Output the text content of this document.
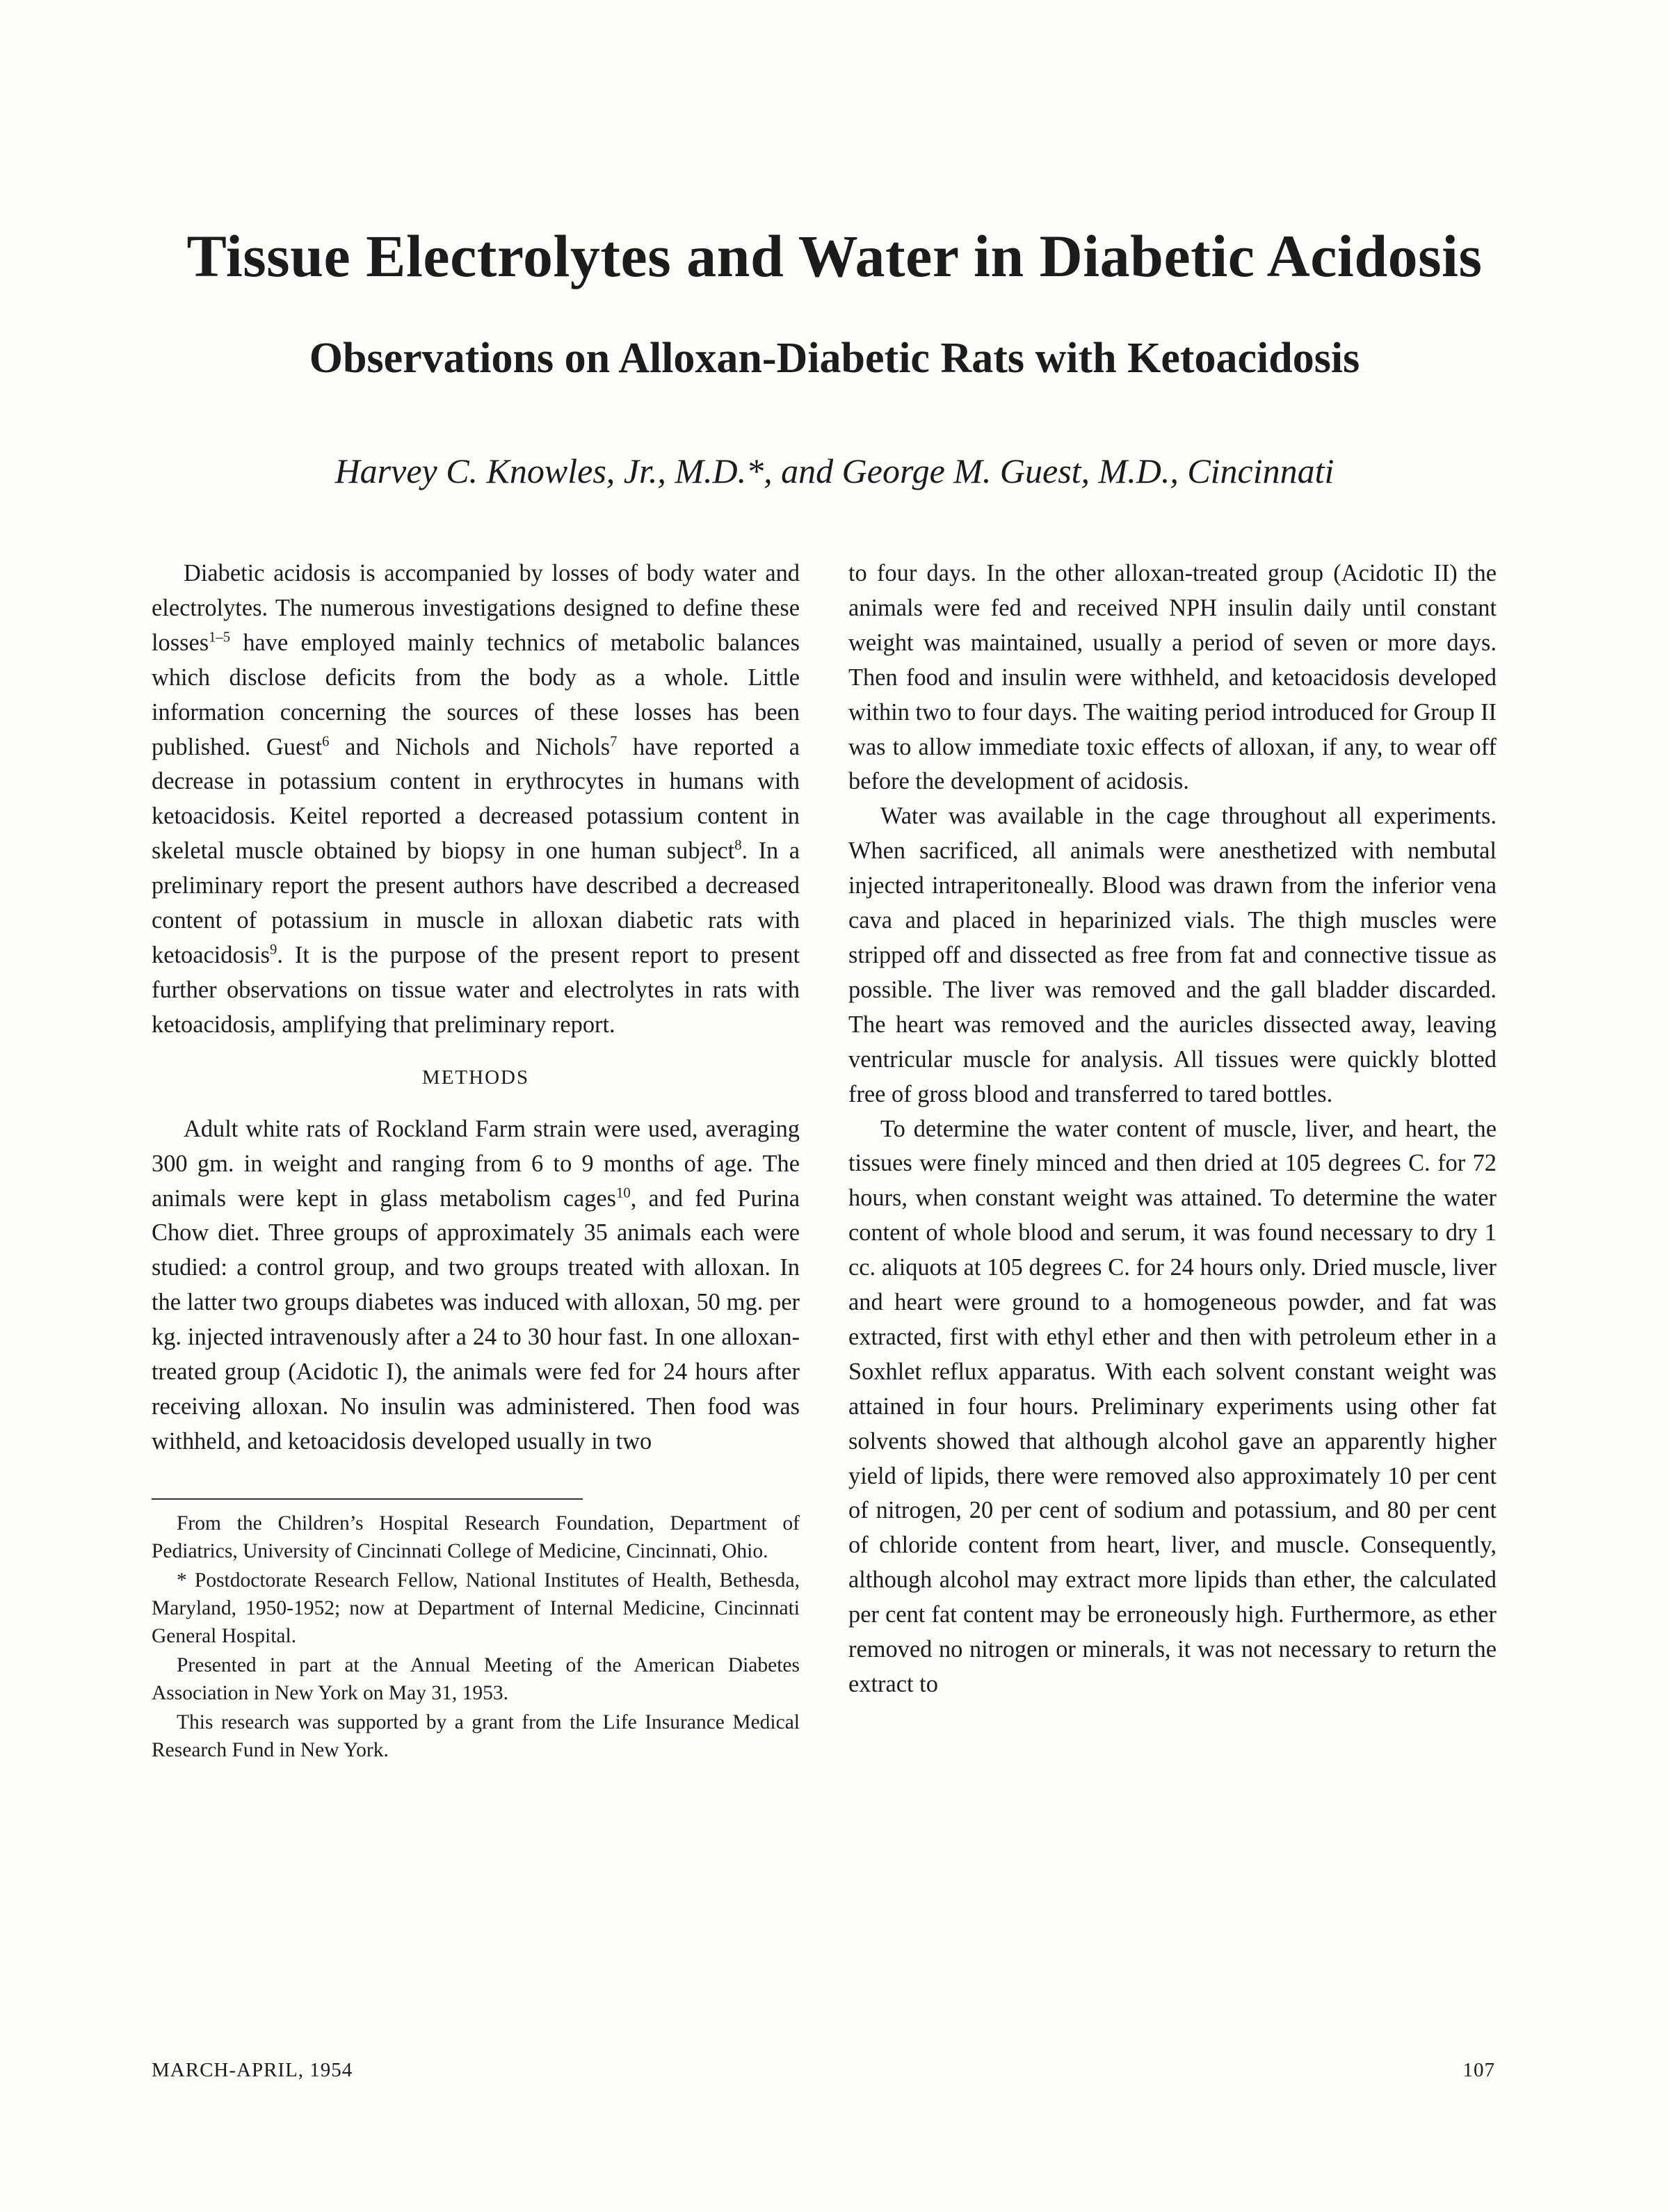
Tissue Electrolytes and Water in Diabetic Acidosis
Observations on Alloxan-Diabetic Rats with Ketoacidosis

Harvey C. Knowles, Jr., M.D.*, and George M. Guest, M.D., Cincinnati

Diabetic acidosis is accompanied by losses of body water and electrolytes. The numerous investigations designed to define these losses$^{1-5}$ have employed mainly technics of metabolic balances which disclose deficits from the body as a whole. Little information concerning the sources of these losses has been published. Guest$^6$ and Nichols and Nichols$^7$ have reported a decrease in potassium content in erythrocytes in humans with ketoacidosis. Keitel reported a decreased potassium content in skeletal muscle obtained by biopsy in one human subject$^8$. In a preliminary report the present authors have described a decreased content of potassium in muscle in alloxan diabetic rats with ketoacidosis$^9$. It is the purpose of the present report to present further observations on tissue water and electrolytes in rats with ketoacidosis, amplifying that preliminary report.

METHODS

Adult white rats of Rockland Farm strain were used, averaging 300 gm. in weight and ranging from 6 to 9 months of age. The animals were kept in glass metabolism cages$^{10}$, and fed Purina Chow diet. Three groups of approximately 35 animals each were studied: a control group, and two groups treated with alloxan. In the latter two groups diabetes was induced with alloxan, 50 mg. per kg. injected intravenously after a 24 to 30 hour fast. In one alloxan-treated group (Acidotic I), the animals were fed for 24 hours after receiving alloxan. No insulin was administered. Then food was withheld, and ketoacidosis developed usually in two

From the Children’s Hospital Research Foundation, Department of Pediatrics, University of Cincinnati College of Medicine, Cincinnati, Ohio.

* Postdoctorate Research Fellow, National Institutes of Health, Bethesda, Maryland, 1950-1952; now at Department of Internal Medicine, Cincinnati General Hospital.

Presented in part at the Annual Meeting of the American Diabetes Association in New York on May 31, 1953.

This research was supported by a grant from the Life Insurance Medical Research Fund in New York.

to four days. In the other alloxan-treated group (Acidotic II) the animals were fed and received NPH insulin daily until constant weight was maintained, usually a period of seven or more days. Then food and insulin were withheld, and ketoacidosis developed within two to four days. The waiting period introduced for Group II was to allow immediate toxic effects of alloxan, if any, to wear off before the development of acidosis.

Water was available in the cage throughout all experiments. When sacrificed, all animals were anesthetized with nembutal injected intraperitoneally. Blood was drawn from the inferior vena cava and placed in heparinized vials. The thigh muscles were stripped off and dissected as free from fat and connective tissue as possible. The liver was removed and the gall bladder discarded. The heart was removed and the auricles dissected away, leaving ventricular muscle for analysis. All tissues were quickly blotted free of gross blood and transferred to tared bottles.

To determine the water content of muscle, liver, and heart, the tissues were finely minced and then dried at 105 degrees C. for 72 hours, when constant weight was attained. To determine the water content of whole blood and serum, it was found necessary to dry 1 cc. aliquots at 105 degrees C. for 24 hours only. Dried muscle, liver and heart were ground to a homogeneous powder, and fat was extracted, first with ethyl ether and then with petroleum ether in a Soxhlet reflux apparatus. With each solvent constant weight was attained in four hours. Preliminary experiments using other fat solvents showed that although alcohol gave an apparently higher yield of lipids, there were removed also approximately 10 per cent of nitrogen, 20 per cent of sodium and potassium, and 80 per cent of chloride content from heart, liver, and muscle. Consequently, although alcohol may extract more lipids than ether, the calculated per cent fat content may be erroneously high. Furthermore, as ether removed no nitrogen or minerals, it was not necessary to return the extract to

MARCH-APRIL, 1954	107
